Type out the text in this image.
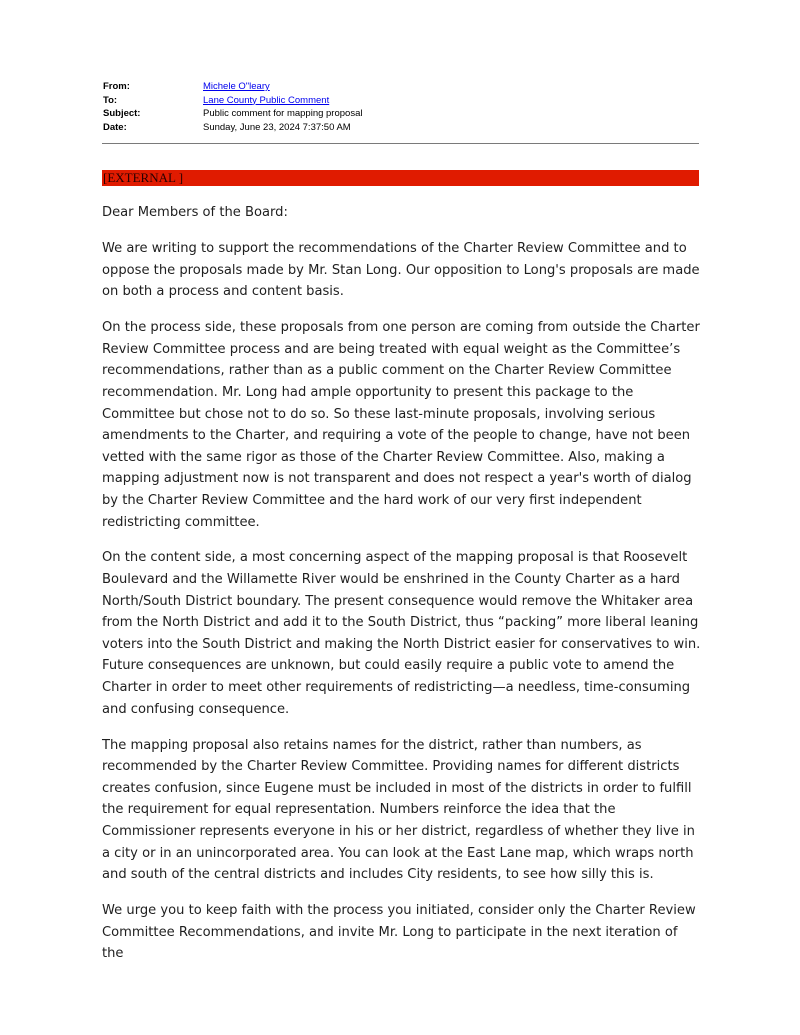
From:	Michele O"leary
To:	Lane County Public Comment
Subject:	Public comment for mapping proposal
Date:	Sunday, June 23, 2024 7:37:50 AM
[EXTERNAL ]

Dear Members of the Board:

We are writing to support the recommendations of the Charter Review Committee and to oppose the proposals made by Mr. Stan Long. Our opposition to Long's proposals are made on both a process and content basis.

On the process side, these proposals from one person are coming from outside the Charter Review Committee process and are being treated with equal weight as the Committee’s recommendations, rather than as a public comment on the Charter Review Committee recommendation. Mr. Long had ample opportunity to present this package to the Committee but chose not to do so. So these last-minute proposals, involving serious amendments to the Charter, and requiring a vote of the people to change, have not been vetted with the same rigor as those of the Charter Review Committee. Also, making a mapping adjustment now is not transparent and does not respect a year's worth of dialog by the Charter Review Committee and the hard work of our very first independent redistricting committee.

On the content side, a most concerning aspect of the mapping proposal is that Roosevelt Boulevard and the Willamette River would be enshrined in the County Charter as a hard North/South District boundary. The present consequence would remove the Whitaker area from the North District and add it to the South District, thus “packing” more liberal leaning voters into the South District and making the North District easier for conservatives to win. Future consequences are unknown, but could easily require a public vote to amend the Charter in order to meet other requirements of redistricting—a needless, time-consuming and confusing consequence.

The mapping proposal also retains names for the district, rather than numbers, as recommended by the Charter Review Committee. Providing names for different districts creates confusion, since Eugene must be included in most of the districts in order to fulfill the requirement for equal representation. Numbers reinforce the idea that the Commissioner represents everyone in his or her district, regardless of whether they live in a city or in an unincorporated area. You can look at the East Lane map, which wraps north and south of the central districts and includes City residents, to see how silly this is.

We urge you to keep faith with the process you initiated, consider only the Charter Review Committee Recommendations, and invite Mr. Long to participate in the next iteration of the
